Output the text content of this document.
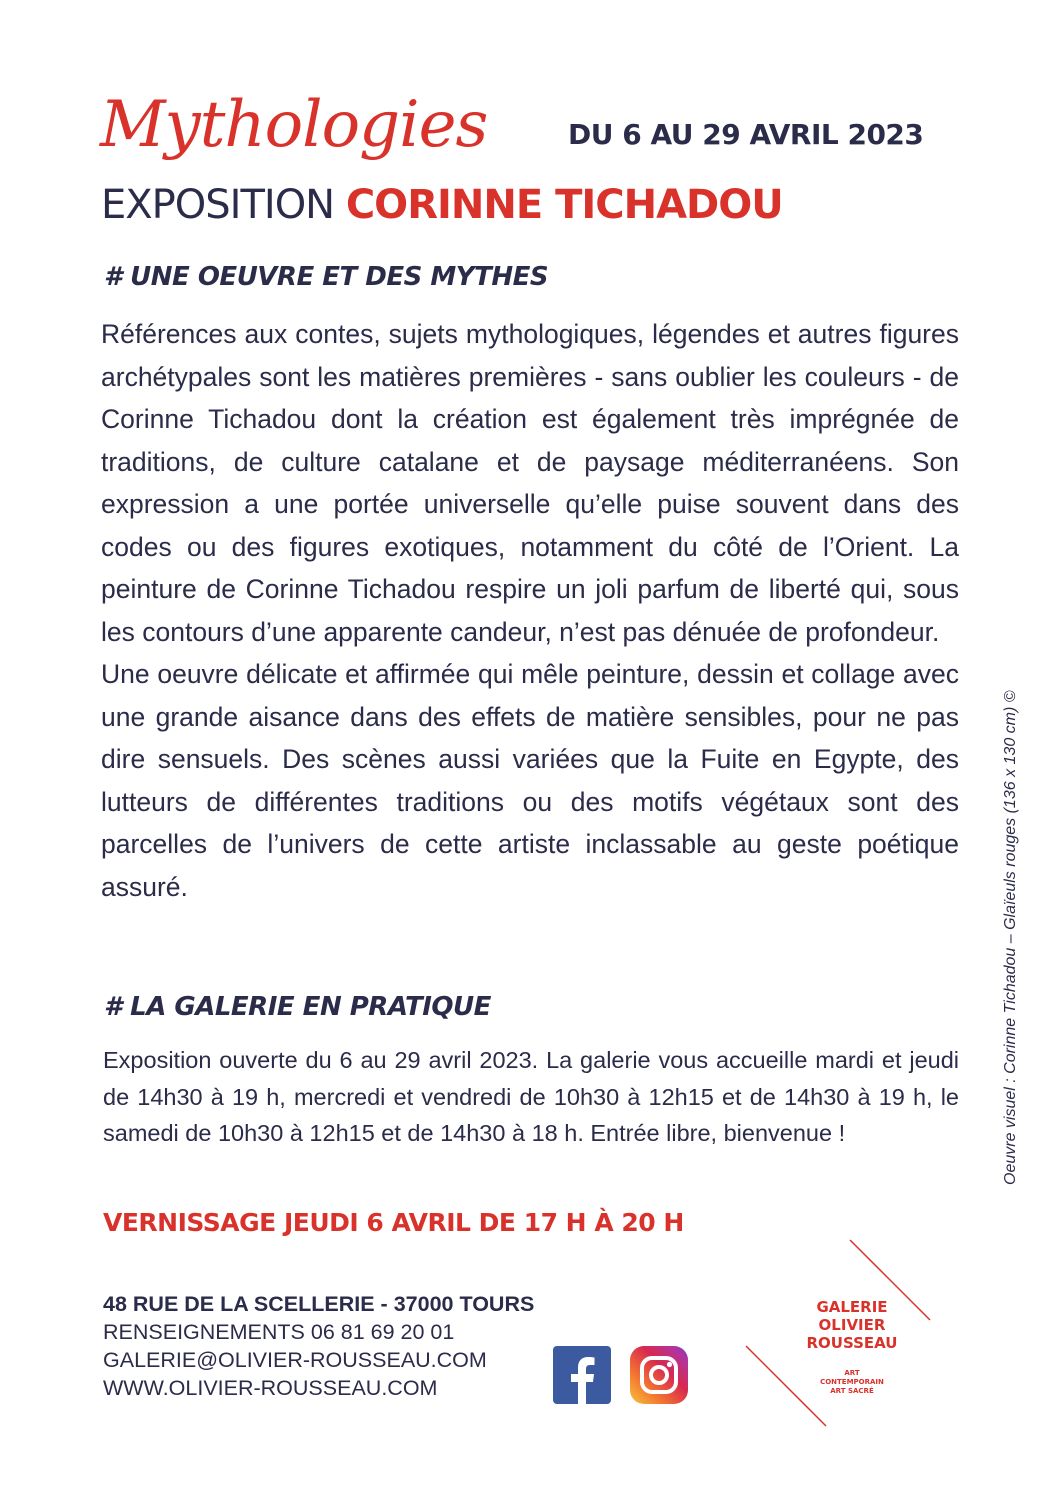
Mythologies	DU 6 AU 29 AVRIL 2023
EXPOSITION CORINNE TICHADOU
# UNE OEUVRE ET DES MYTHES

Références aux contes, sujets mythologiques, légendes et autres figures archétypales sont les matières premières - sans oublier les couleurs - de Corinne Tichadou dont la création est également très imprégnée de traditions, de culture catalane et de paysage méditerranéens. Son expression a une portée universelle qu’elle puise souvent dans des codes ou des figures exotiques, notamment du côté de l’Orient. La peinture de Corinne Tichadou respire un joli parfum de liberté qui, sous les contours d’une apparente candeur, n’est pas dénuée de profondeur.

Une oeuvre délicate et affirmée qui mêle peinture, dessin et collage avec une grande aisance dans des effets de matière sensibles, pour ne pas dire sensuels. Des scènes aussi variées que la Fuite en Egypte, des lutteurs de différentes traditions ou des motifs végétaux sont des parcelles de l’univers de cette artiste inclassable au geste poétique assuré.

# LA GALERIE EN PRATIQUE
Exposition ouverte du 6 au 29 avril 2023. La galerie vous accueille mardi et jeudi de 14h30 à 19 h, mercredi et vendredi de 10h30 à 12h15 et de 14h30 à 19 h, le samedi de 10h30 à 12h15 et de 14h30 à 18 h. Entrée libre, bienvenue !
VERNISSAGE JEUDI 6 AVRIL DE 17 H À 20 H
48 RUE DE LA SCELLERIE - 37000 TOURS
RENSEIGNEMENTS 06 81 69 20 01
GALERIE@OLIVIER-ROUSSEAU.COM
WWW.OLIVIER-ROUSSEAU.COM
GALERIE
OLIVIER
ROUSSEAU
ART
CONTEMPORAIN
ART SACRÉ
Oeuvre visuel : Corinne Tichadou – Glaïeuls rouges (136 x 130 cm) ©
